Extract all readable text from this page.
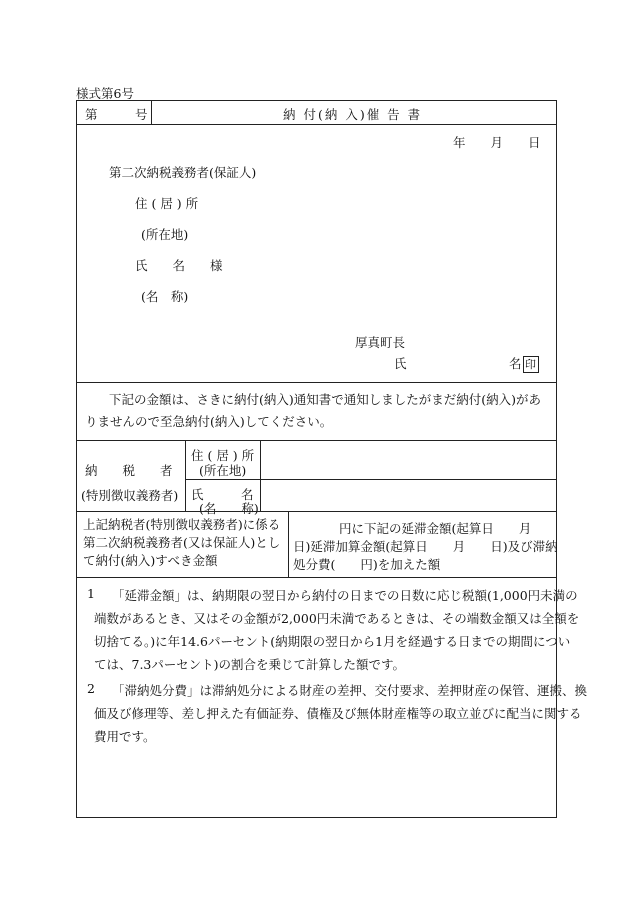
様式第6号
第　　　号	納 付(納 入)催 告 書
年　　月　　日
第二次納税義務者(保証人)
住 ( 居 ) 所
(所在地)
氏　　名　　様
(名　称)
厚真町長
氏	名 印
下記の金額は、さきに納付(納入)通知書で通知しましたがまだ納付(納入)がありませんので至急納付(納入)してください。
納　　税　　者
(特別徴収義務者)
住 ( 居 ) 所
(所在地)
氏　　　名
(名　　称)
上記納税者(特別徴収義務者)に係る第二次納税義務者(又は保証人)として納付(納入)すべき金額
円に下記の延滞金額(起算日　　月
日)延滞加算金額(起算日　　月　　日)及び滞納
処分費(　　円)を加えた額
1 「延滞金額」は、納期限の翌日から納付の日までの日数に応じ税額(1,000円未満の
端数があるとき、又はその金額が2,000円未満であるときは、その端数金額又は全額を
切捨てる。)に年14.6パーセント(納期限の翌日から1月を経過する日までの期間につい
ては、7.3パーセント)の割合を乗じて計算した額です。
2 「滞納処分費」は滞納処分による財産の差押、交付要求、差押財産の保管、運搬、換
価及び修理等、差し押えた有価証券、債権及び無体財産権等の取立並びに配当に関する
費用です。
